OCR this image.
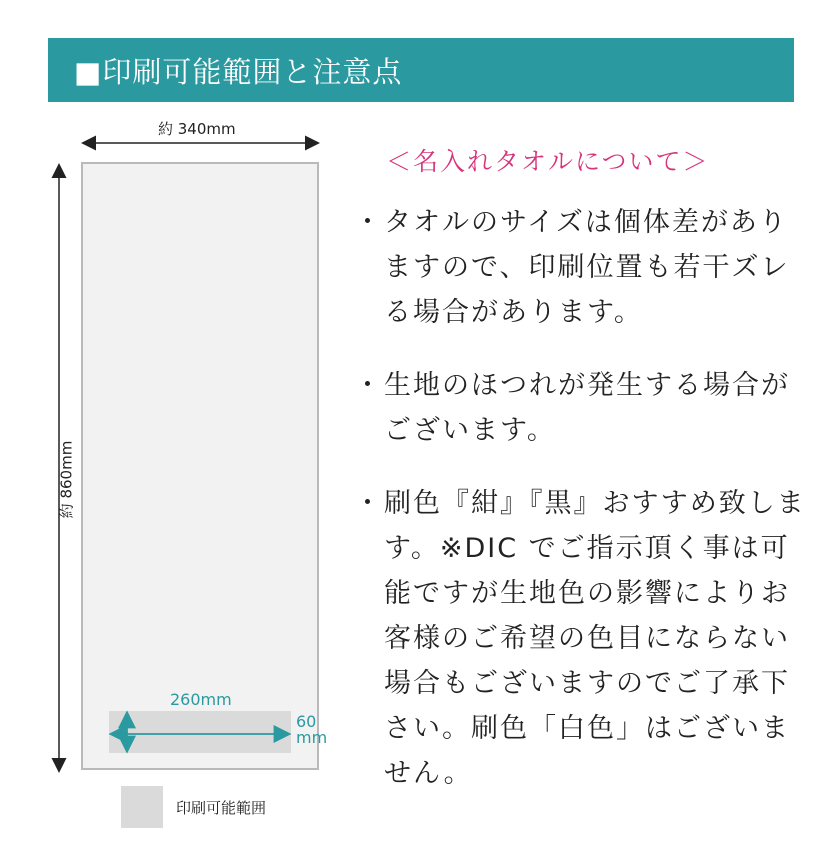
■印刷可能範囲と注意点
約 340mm
約 860mm
260mm
60
mm
印刷可能範囲
＜名入れタオルについて＞
・ タオルのサイズは個体差がありますので、印刷位置も若干ズレる場合があります。
・ 生地のほつれが発生する場合がございます。
・ 刷色『紺』『黒』おすすめ致します。※DIC でご指示頂く事は可能ですが生地色の影響によりお客様のご希望の色目にならない場合もございますのでご了承下さい。刷色「白色」はございません。
